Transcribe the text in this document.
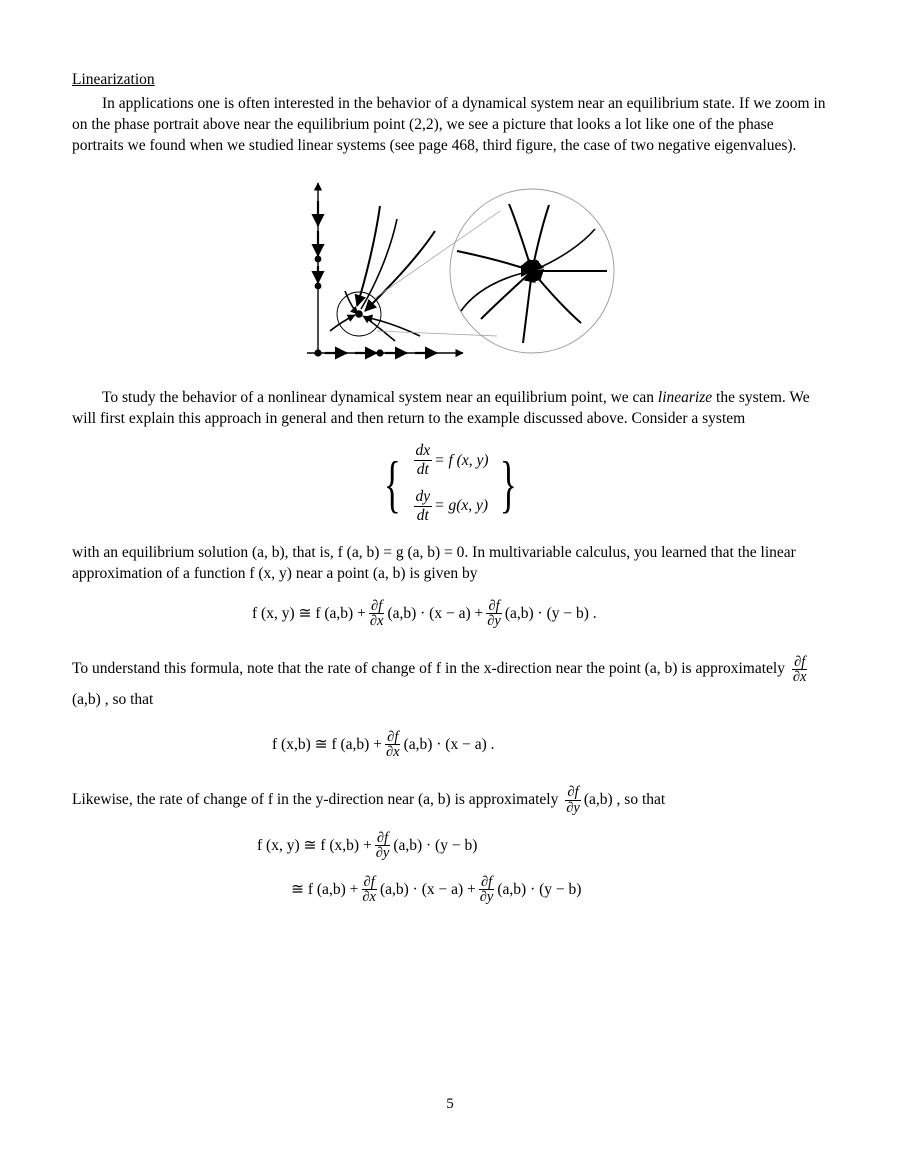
Linearization

In applications one is often interested in the behavior of a dynamical system near an equilibrium state. If we zoom in on the phase portrait above near the equilibrium point (2,2), we see a picture that looks a lot like one of the phase portraits we found when we studied linear systems (see page 468, third figure, the case of two negative eigenvalues).

To study the behavior of a nonlinear dynamical system near an equilibrium point, we can linearize the system. We will first explain this approach in general and then return to the example discussed above. Consider a system

{ $\frac{dx}{dt} = f$ (x, y)
$\frac{dy}{dt} = g(x$, y) }

with an equilibrium solution (a, b), that is, f (a, b) = g (a, b) = 0. In multivariable calculus, you learned that the linear approximation of a function f (x, y) near a point (a, b) is given by

f (x, y) ≅ f $(a,b) + \frac{\partial f}{\partial x} (a,b) \cdot (x - a) + \frac{\partial f}{\partial y} (a,b) \cdot (y - b)$ .

To understand this formula, note that the rate of change of f in the x-direction near the point (a, b) is approximately $\frac{\partial f}{\partial x}$
(a,b) , so that

f (x,b) ≅ f $(a,b) + \frac{\partial f}{\partial x} (a,b) \cdot (x - a)$ .

Likewise, the rate of change of f in the y-direction near (a, b) is approximately $\frac{\partial f}{\partial y} (a,b)$ , so that

f (x, y) ≅ f $(x,b) + \frac{\partial f}{\partial y} (a,b) \cdot (y - b)$
≅ f $(a,b) + \frac{\partial f}{\partial x} (a,b) \cdot (x - a) + \frac{\partial f}{\partial y} (a,b) \cdot (y - b)$
5
